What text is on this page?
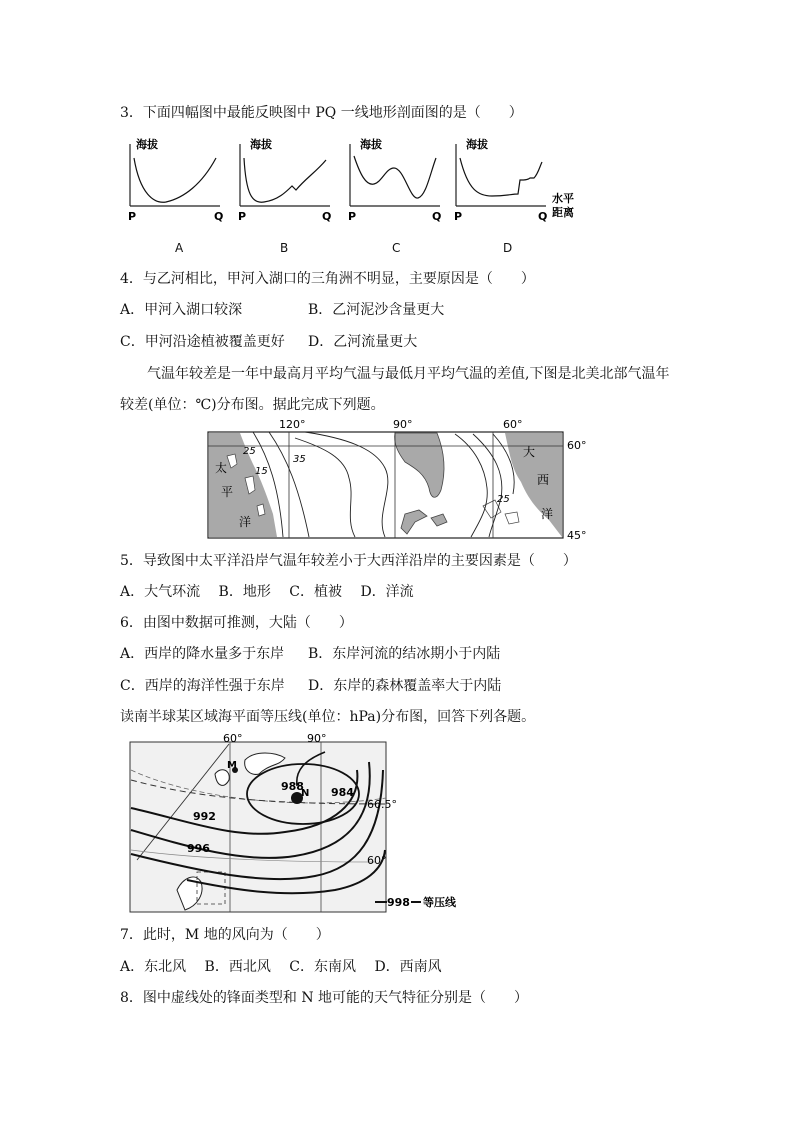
3．下面四幅图中最能反映图中 PQ 一线地形剖面图的是（　　）
海拔
P	Q
海拔
P	Q
海拔
P	Q
海拔
P	Q
水平
距离
A	B	C	D
4．与乙河相比，甲河入湖口的三角洲不明显，主要原因是（　　）
A．甲河入湖口较深	B．乙河泥沙含量更大
C．甲河沿途植被覆盖更好 D．乙河流量更大
气温年较差是一年中最高月平均气温与最低月平均气温的差值,下图是北美北部气温年
较差(单位：℃)分布图。据此完成下列题。
120°	90°	60°
60°
45°
太
平
洋
大
西
洋
35
25
15
25
5．导致图中太平洋沿岸气温年较差小于大西洋沿岸的主要因素是（　　）
A．大气环流　 B．地形　 C．植被　 D．洋流
6．由图中数据可推测，大陆（　　）
A．西岸的降水量多于东岸 B．东岸河流的结冰期小于内陆
C．西岸的海洋性强于东岸 D．东岸的森林覆盖率大于内陆
读南半球某区域海平面等压线(单位：hPa)分布图，回答下列各题。
60°	90°
66.5°
60°
M
N
988 984
992
996
998 等压线
7．此时，M 地的风向为（　　）
A．东北风　 B．西北风　 C．东南风　 D．西南风
8．图中虚线处的锋面类型和 N 地可能的天气特征分别是（　　）
